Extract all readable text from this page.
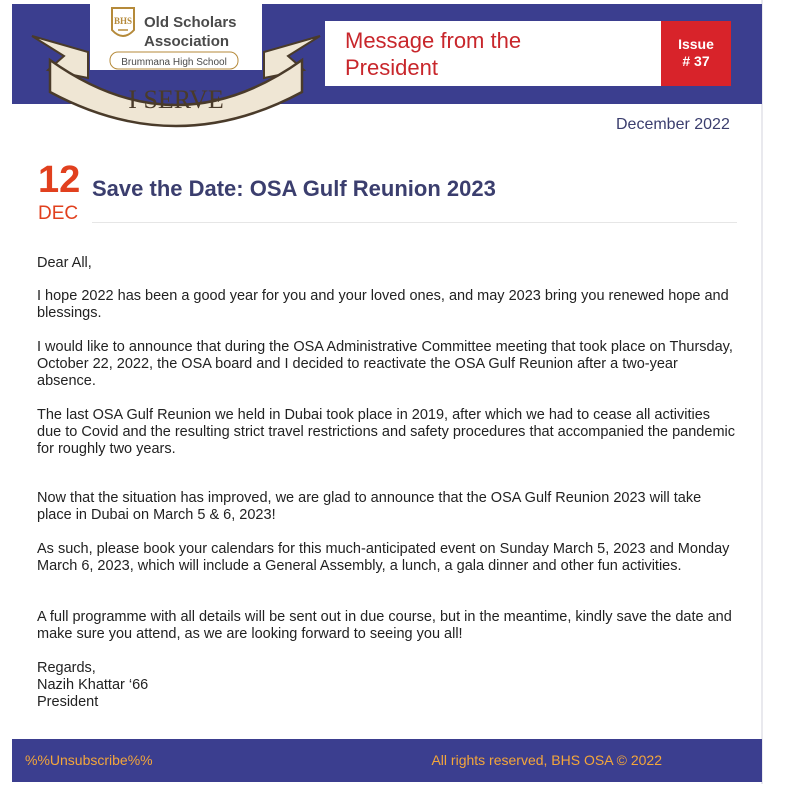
BHS Old Scholars
Association
Brummana High School
I SERVE
Message from the President
Issue
# 37
December 2022
12
DEC
Save the Date: OSA Gulf Reunion 2023
Dear All,
I hope 2022 has been a good year for you and your loved ones, and may 2023 bring you renewed hope and blessings.
I would like to announce that during the OSA Administrative Committee meeting that took place on Thursday, October 22, 2022, the OSA board and I decided to reactivate the OSA Gulf Reunion after a two-year absence.
The last OSA Gulf Reunion we held in Dubai took place in 2019, after which we had to cease all activities due to Covid and the resulting strict travel restrictions and safety procedures that accompanied the pandemic for roughly two years.
Now that the situation has improved, we are glad to announce that the OSA Gulf Reunion 2023 will take place in Dubai on March 5 & 6, 2023!
As such, please book your calendars for this much-anticipated event on Sunday March 5, 2023 and Monday March 6, 2023, which will include a General Assembly, a lunch, a gala dinner and other fun activities.
A full programme with all details will be sent out in due course, but in the meantime, kindly save the date and make sure you attend, as we are looking forward to seeing you all!
Regards,
Nazih Khattar ‘66
President
%%Unsubscribe%%	All rights reserved, BHS OSA © 2022
